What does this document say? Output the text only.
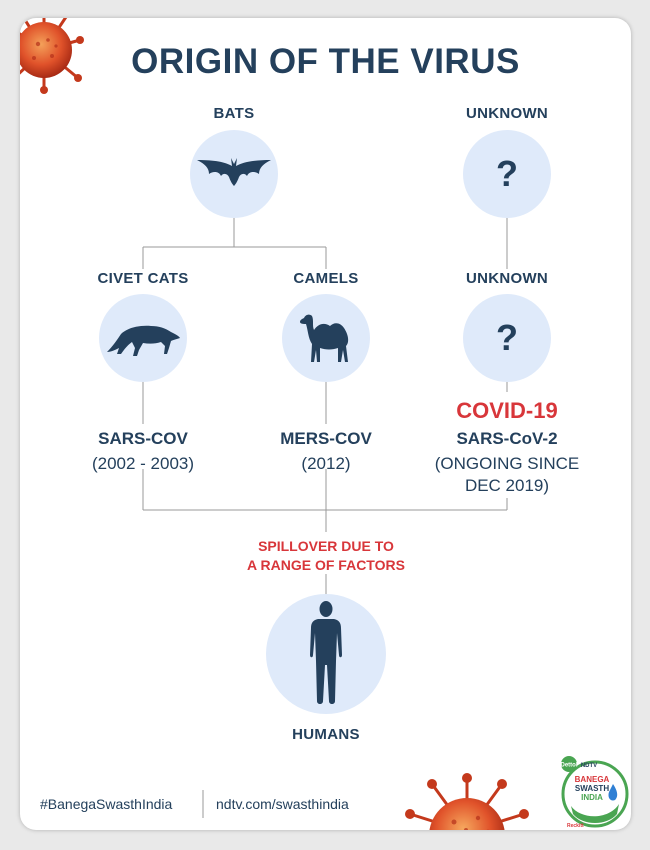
ORIGIN OF THE VIRUS
BATS	UNKNOWN
?
CIVET CATS	CAMELS	UNKNOWN
?
COVID-19
SARS-COV
(2002 - 2003)
MERS-COV
(2012)
SARS-CoV-2
(ONGOING SINCE
DEC 2019)
SPILLOVER DUE TO
A RANGE OF FACTORS
HUMANS
#BanegaSwasthIndia	ndtv.com/swasthindia
Dettol NDTV
BANEGA
SWASTH
INDIA
Reckitt
